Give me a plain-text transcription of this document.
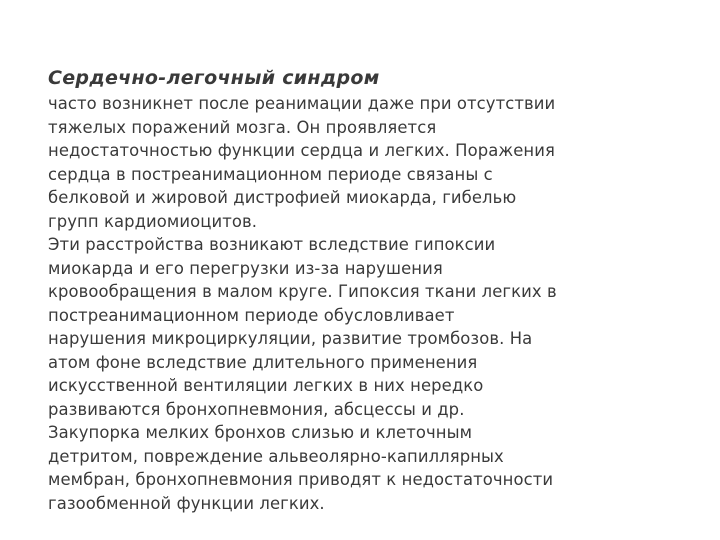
Сердечно-легочный синдром

часто возникнет после реанимации даже при отсутствии
тяжелых поражений мозга. Он проявляется
недостаточностью функции сердца и легких. Поражения
сердца в постреанимационном периоде связаны с
белковой и жировой дистрофией миокарда, гибелью
групп кардиомиоцитов.

Эти расстройства возникают вследствие гипоксии
миокарда и его перегрузки из-за нарушения
кровообращения в малом круге. Гипоксия ткани легких в
постреанимационном периоде обусловливает
нарушения микроциркуляции, развитие тромбозов. На
атом фоне вследствие длительного применения
искусственной вентиляции легких в них нередко
развиваются бронхопневмония, абсцессы и др.
Закупорка мелких бронхов слизью и клеточным
детритом, повреждение альвеолярно-капиллярных
мембран, бронхопневмония приводят к недостаточности
газообменной функции легких.
